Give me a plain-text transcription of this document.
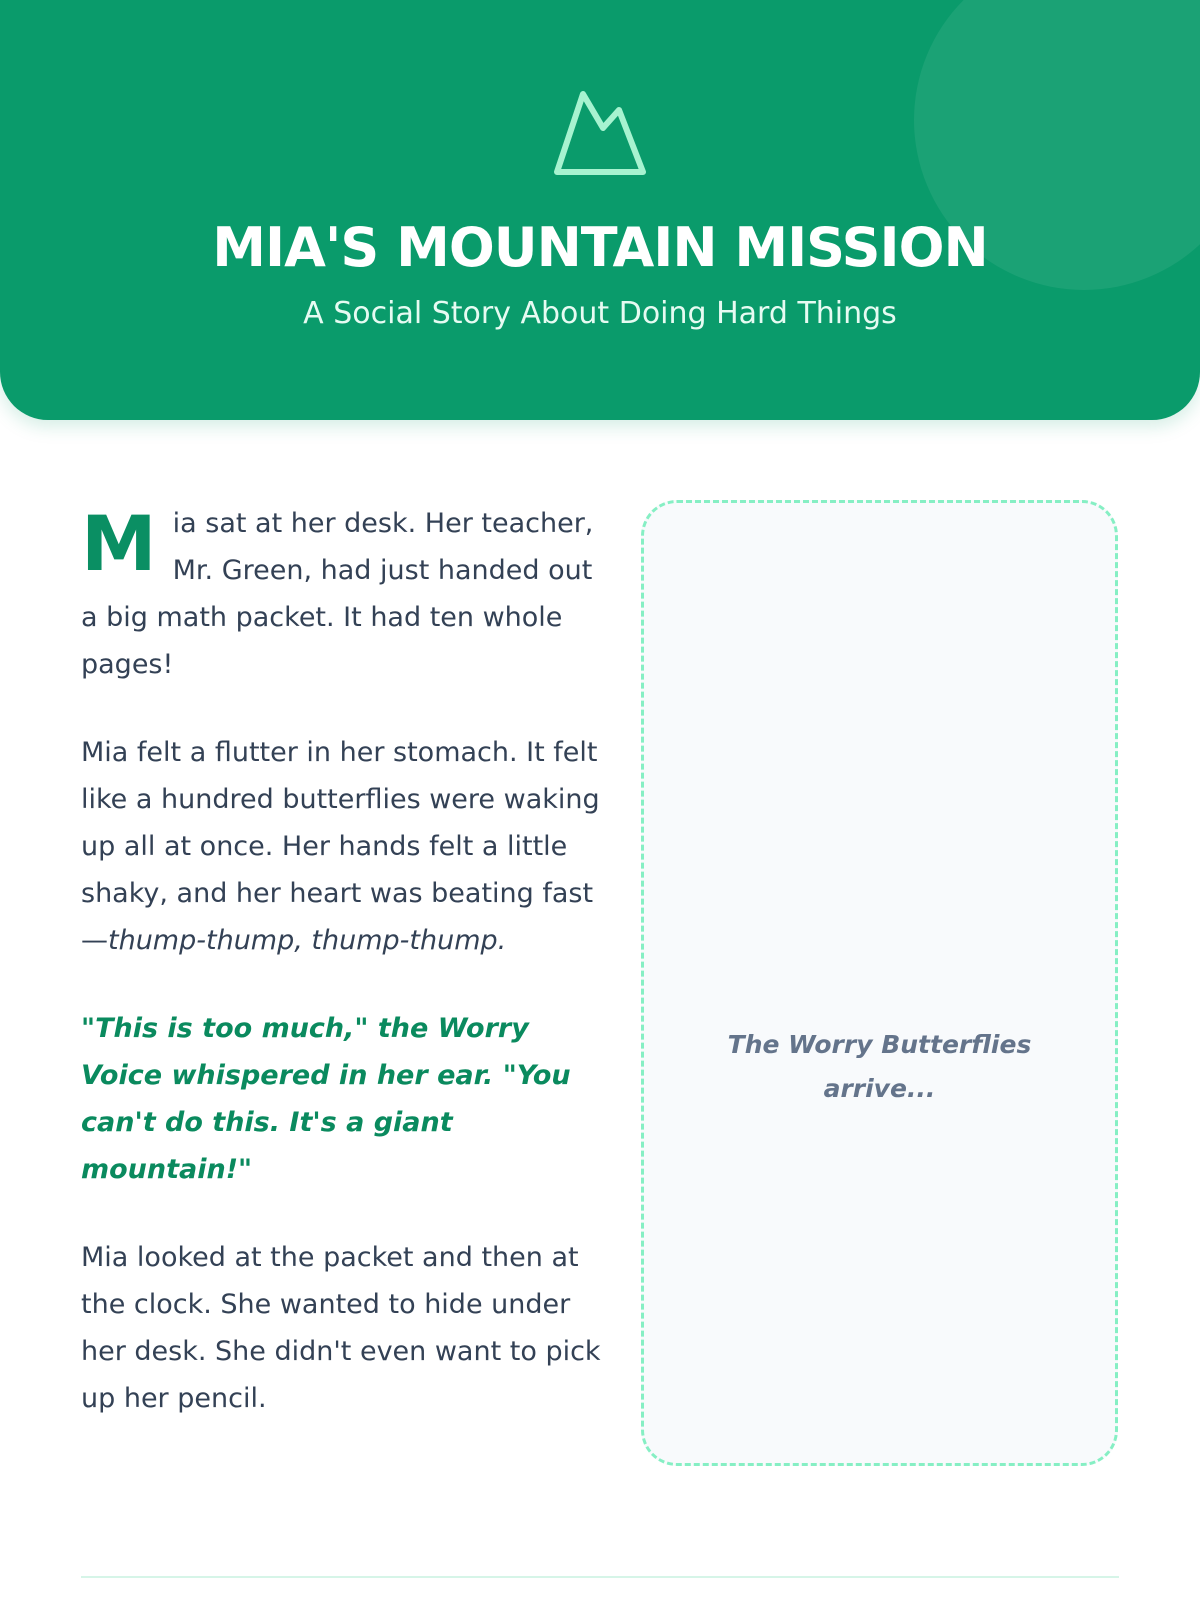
MIA'S MOUNTAIN MISSION
A Social Story About Doing Hard Things

Mia sat at her desk. Her teacher, Mr. Green, had just handed out a big math packet. It had ten whole pages!

Mia felt a flutter in her stomach. It felt like a hundred butterflies were waking up all at once. Her hands felt a little shaky, and her heart was beating fast—thump-thump, thump-thump.

"This is too much," the Worry Voice whispered in her ear. "You can't do this. It's a giant mountain!"

Mia looked at the packet and then at the clock. She wanted to hide under her desk. She didn't even want to pick up her pencil.

The Worry Butterflies arrive...
